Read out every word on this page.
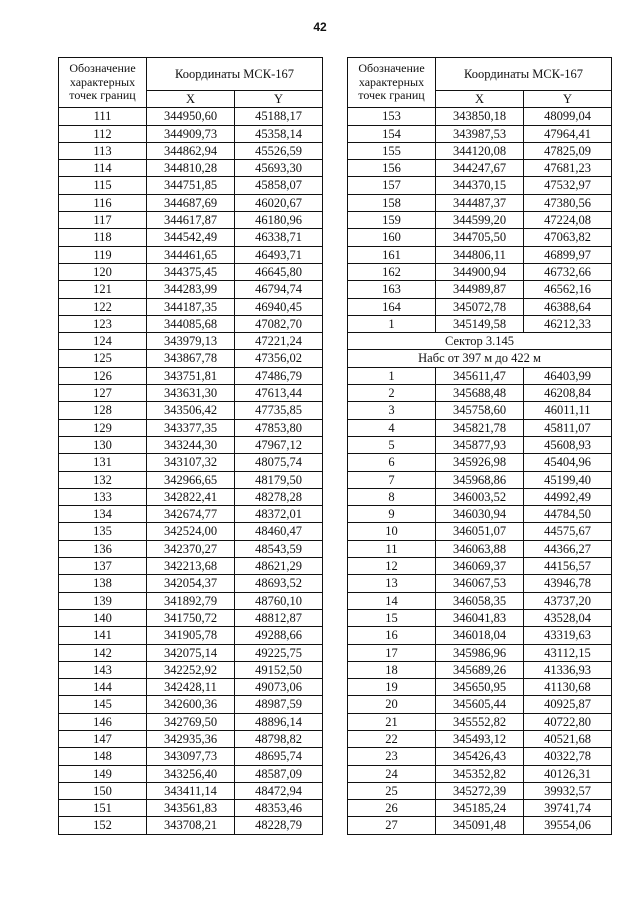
42
Обозначение характерных точек границ	Координаты МСК-167	
	X	Y
111	344950,60	45188,17
112	344909,73	45358,14
113	344862,94	45526,59
114	344810,28	45693,30
115	344751,85	45858,07
116	344687,69	46020,67
117	344617,87	46180,96
118	344542,49	46338,71
119	344461,65	46493,71
120	344375,45	46645,80
121	344283,99	46794,74
122	344187,35	46940,45
123	344085,68	47082,70
124	343979,13	47221,24
125	343867,78	47356,02
126	343751,81	47486,79
127	343631,30	47613,44
128	343506,42	47735,85
129	343377,35	47853,80
130	343244,30	47967,12
131	343107,32	48075,74
132	342966,65	48179,50
133	342822,41	48278,28
134	342674,77	48372,01
135	342524,00	48460,47
136	342370,27	48543,59
137	342213,68	48621,29
138	342054,37	48693,52
139	341892,79	48760,10
140	341750,72	48812,87
141	341905,78	49288,66
142	342075,14	49225,75
143	342252,92	49152,50
144	342428,11	49073,06
145	342600,36	48987,59
146	342769,50	48896,14
147	342935,36	48798,82
148	343097,73	48695,74
149	343256,40	48587,09
150	343411,14	48472,94
151	343561,83	48353,46
152	343708,21	48228,79
Обозначение характерных точек границ	Координаты МСК-167	
	X	Y
153	343850,18	48099,04
154	343987,53	47964,41
155	344120,08	47825,09
156	344247,67	47681,23
157	344370,15	47532,97
158	344487,37	47380,56
159	344599,20	47224,08
160	344705,50	47063,82
161	344806,11	46899,97
162	344900,94	46732,66
163	344989,87	46562,16
164	345072,78	46388,64
1	345149,58	46212,33
Сектор 3.145		
Набс от 397 м до 422 м		
1	345611,47	46403,99
2	345688,48	46208,84
3	345758,60	46011,11
4	345821,78	45811,07
5	345877,93	45608,93
6	345926,98	45404,96
7	345968,86	45199,40
8	346003,52	44992,49
9	346030,94	44784,50
10	346051,07	44575,67
11	346063,88	44366,27
12	346069,37	44156,57
13	346067,53	43946,78
14	346058,35	43737,20
15	346041,83	43528,04
16	346018,04	43319,63
17	345986,96	43112,15
18	345689,26	41336,93
19	345650,95	41130,68
20	345605,44	40925,87
21	345552,82	40722,80
22	345493,12	40521,68
23	345426,43	40322,78
24	345352,82	40126,31
25	345272,39	39932,57
26	345185,24	39741,74
27	345091,48	39554,06
